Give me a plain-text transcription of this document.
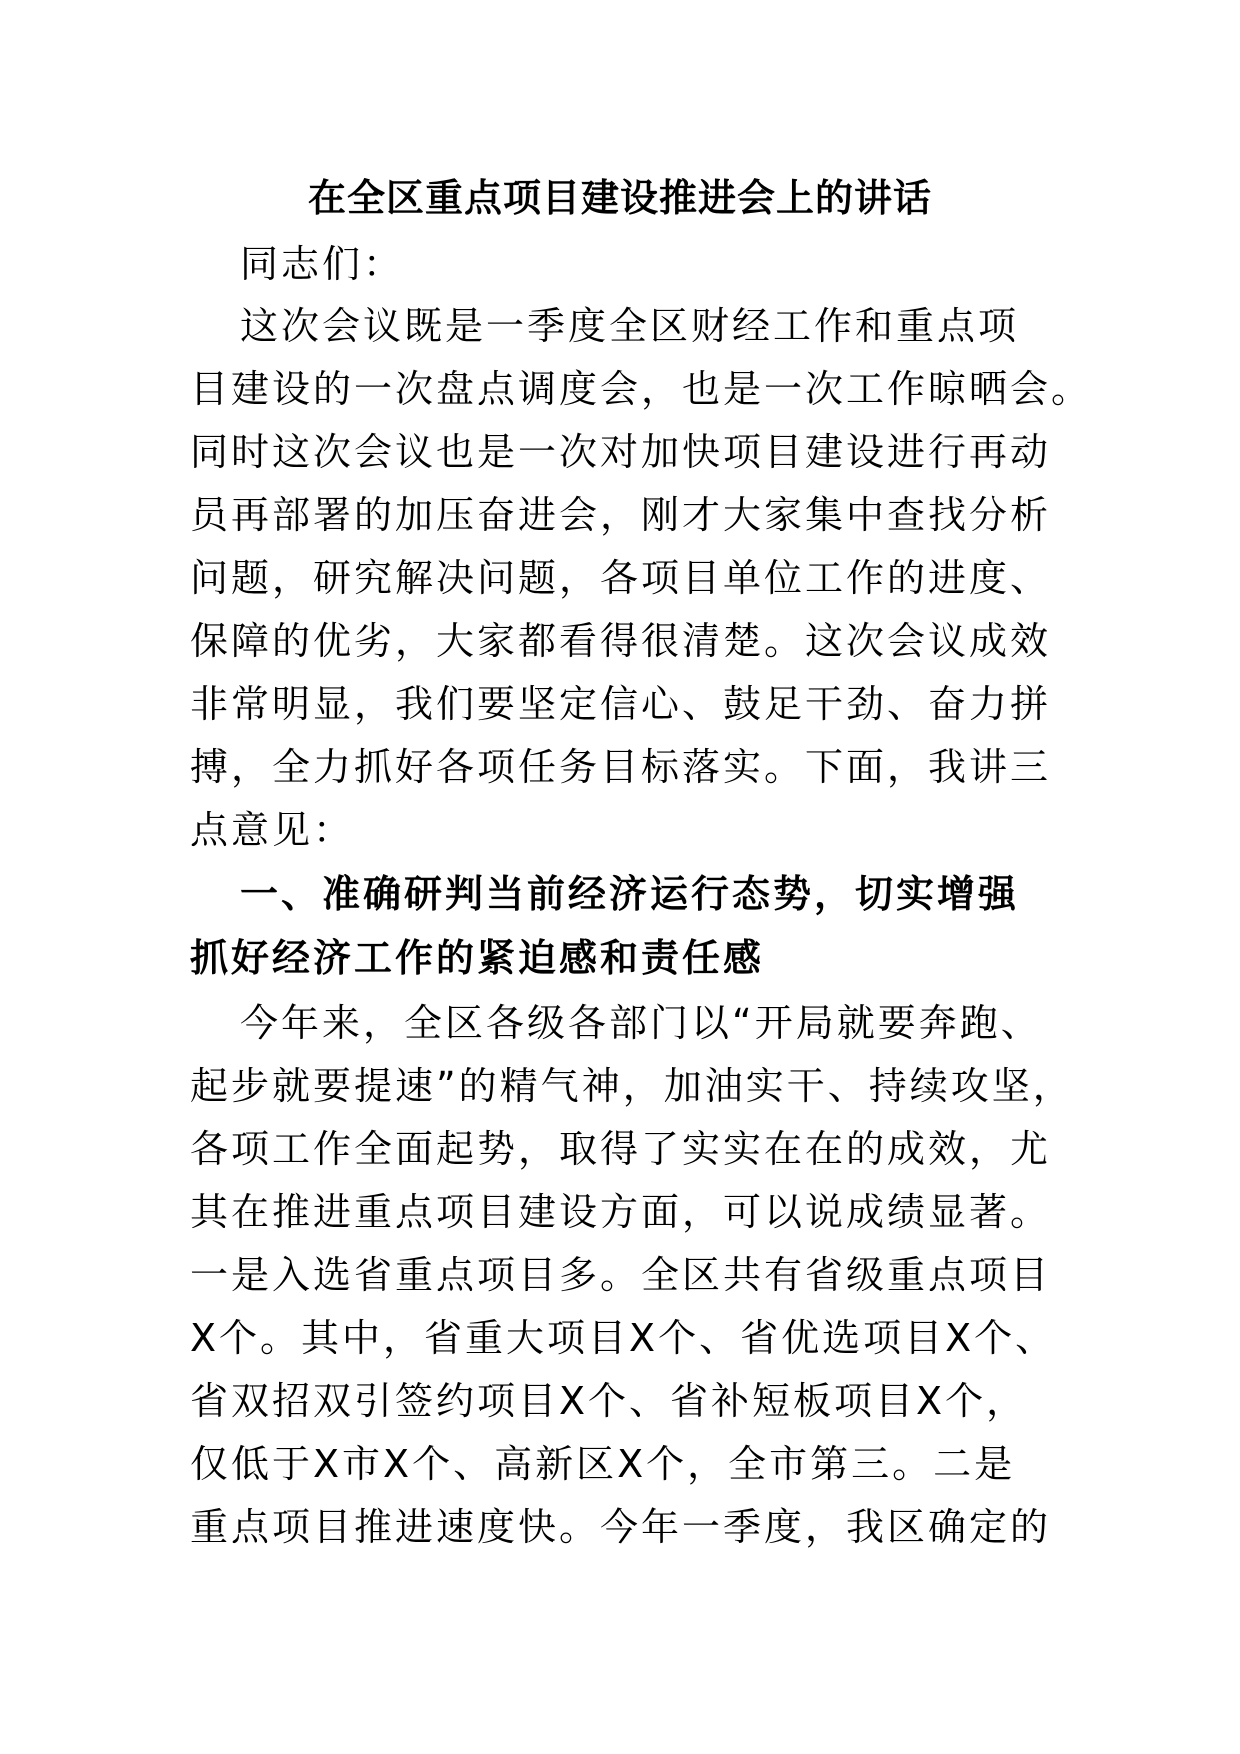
在全区重点项目建设推进会上的讲话
同志们：
这次会议既是一季度全区财经工作和重点项
目建设的一次盘点调度会，也是一次工作晾晒会。
同时这次会议也是一次对加快项目建设进行再动
员再部署的加压奋进会，刚才大家集中查找分析
问题，研究解决问题，各项目单位工作的进度、
保障的优劣，大家都看得很清楚。这次会议成效
非常明显，我们要坚定信心、鼓足干劲、奋力拼
搏，全力抓好各项任务目标落实。下面，我讲三
点意见：
一、准确研判当前经济运行态势，切实增强
抓好经济工作的紧迫感和责任感
今年来，全区各级各部门以“开局就要奔跑、
起步就要提速”的精气神，加油实干、持续攻坚，
各项工作全面起势，取得了实实在在的成效，尤
其在推进重点项目建设方面，可以说成绩显著。
一是入选省重点项目多。全区共有省级重点项目
X个。其中，省重大项目X个、省优选项目X个、
省双招双引签约项目X个、省补短板项目X个，
仅低于X市X个、高新区X个，全市第三。二是
重点项目推进速度快。今年一季度，我区确定的
